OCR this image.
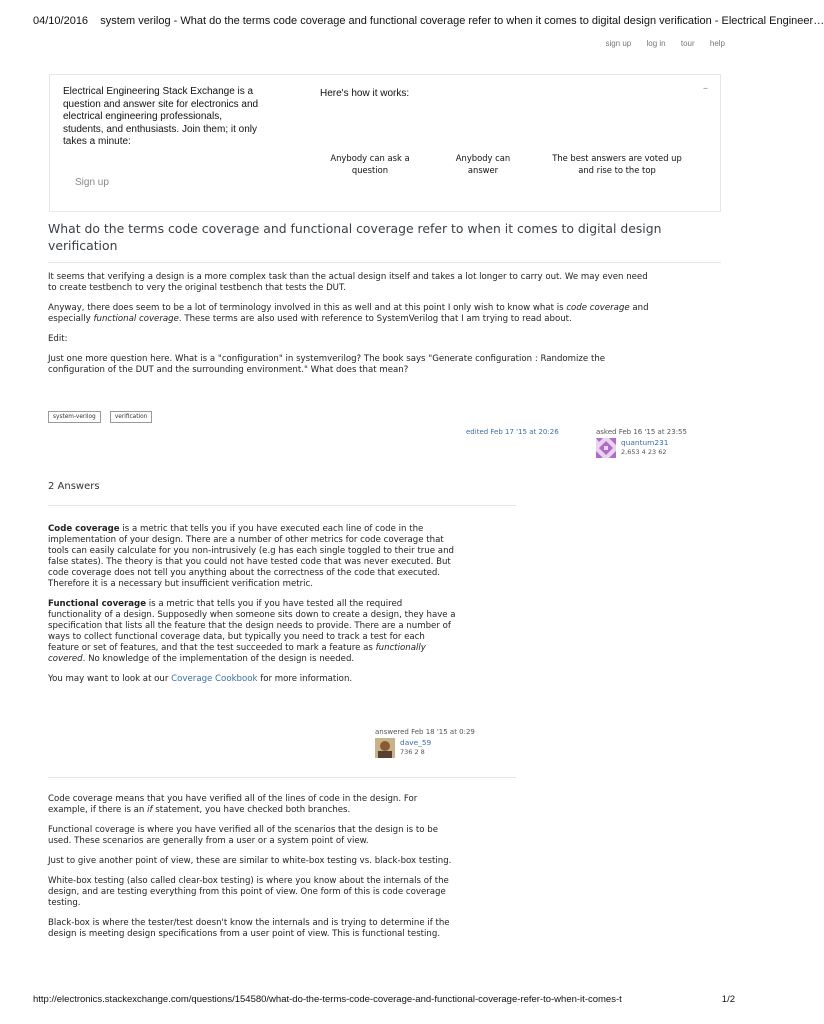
04/10/2016 system verilog - What do the terms code coverage and functional coverage refer to when it comes to digital design verification - Electrical Engineer…
sign up log in tour help
Electrical Engineering Stack Exchange is a question and answer site for electronics and electrical engineering professionals, students, and enthusiasts. Join them; it only takes a minute:
Sign up
Here's how it works:	–
Anybody can ask a question
Anybody can answer
The best answers are voted up and rise to the top
What do the terms code coverage and functional coverage refer to when it comes to digital design verification

It seems that verifying a design is a more complex task than the actual design itself and takes a lot longer to carry out. We may even need to create testbench to very the original testbench that tests the DUT.

Anyway, there does seem to be a lot of terminology involved in this as well and at this point I only wish to know what is code coverage and especially functional coverage. These terms are also used with reference to SystemVerilog that I am trying to read about.

Edit:

Just one more question here. What is a "configuration" in systemverilog? The book says "Generate configuration : Randomize the configuration of the DUT and the surrounding environment." What does that mean?

system-verilog	verification
edited Feb 17 '15 at 20:26	asked Feb 16 '15 at 23:55
quantum231
2,653 4 23 62
2 Answers

Code coverage is a metric that tells you if you have executed each line of code in the implementation of your design. There are a number of other metrics for code coverage that tools can easily calculate for you non-intrusively (e.g has each single toggled to their true and false states). The theory is that you could not have tested code that was never executed. But code coverage does not tell you anything about the correctness of the code that executed. Therefore it is a necessary but insufficient verification metric.

Functional coverage is a metric that tells you if you have tested all the required functionality of a design. Supposedly when someone sits down to create a design, they have a specification that lists all the feature that the design needs to provide. There are a number of ways to collect functional coverage data, but typically you need to track a test for each feature or set of features, and that the test succeeded to mark a feature as functionally covered. No knowledge of the implementation of the design is needed.

You may want to look at our Coverage Cookbook for more information.

answered Feb 18 '15 at 0:29
dave_59
736 2 8

Code coverage means that you have verified all of the lines of code in the design. For example, if there is an if statement, you have checked both branches.

Functional coverage is where you have verified all of the scenarios that the design is to be used. These scenarios are generally from a user or a system point of view.

Just to give another point of view, these are similar to white-box testing vs. black-box testing.

White-box testing (also called clear-box testing) is where you know about the internals of the design, and are testing everything from this point of view. One form of this is code coverage testing.

Black-box is where the tester/test doesn't know the internals and is trying to determine if the design is meeting design specifications from a user point of view. This is functional testing.

http://electronics.stackexchange.com/questions/154580/what-do-the-terms-code-coverage-and-functional-coverage-refer-to-when-it-comes-t	1/2
